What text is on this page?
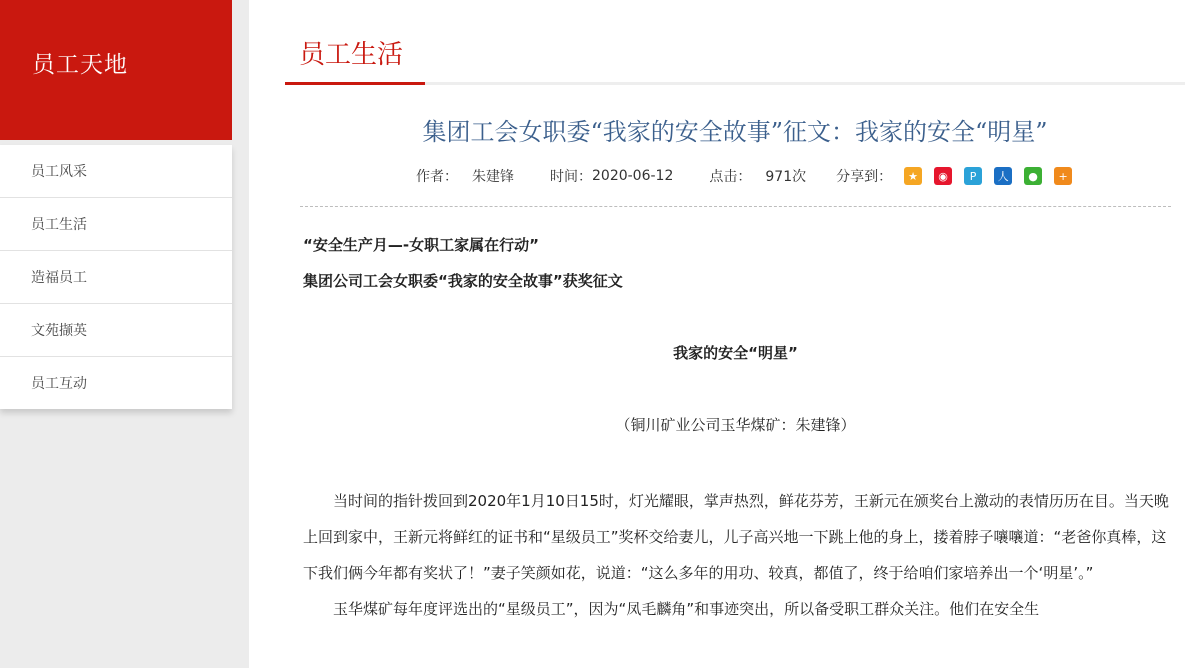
员工天地
员工风采
员工生活
造福员工
文苑撷英
员工互动
员工生活
集团工会女职委“我家的安全故事”征文：我家的安全“明星”
作者： 朱建锋	时间： 2020-06-12	点击： 971次 分享到：	★	◉	P	人	●	+
“安全生产月—-女职工家属在行动”
集团公司工会女职委“我家的安全故事”获奖征文
我家的安全“明星”
（铜川矿业公司玉华煤矿：朱建锋）

当时间的指针拨回到2020年1月10日15时，灯光耀眼，掌声热烈，鲜花芬芳，王新元在颁奖台上激动的表情历历在目。当天晚上回到家中，王新元将鲜红的证书和“星级员工”奖杯交给妻儿，儿子高兴地一下跳上他的身上，搂着脖子嚷嚷道：“老爸你真棒，这下我们俩今年都有奖状了！”妻子笑颜如花，说道：“这么多年的用功、较真，都值了，终于给咱们家培养出一个‘明星’。”

玉华煤矿每年度评选出的“星级员工”，因为“凤毛麟角”和事迹突出，所以备受职工群众关注。他们在安全生
